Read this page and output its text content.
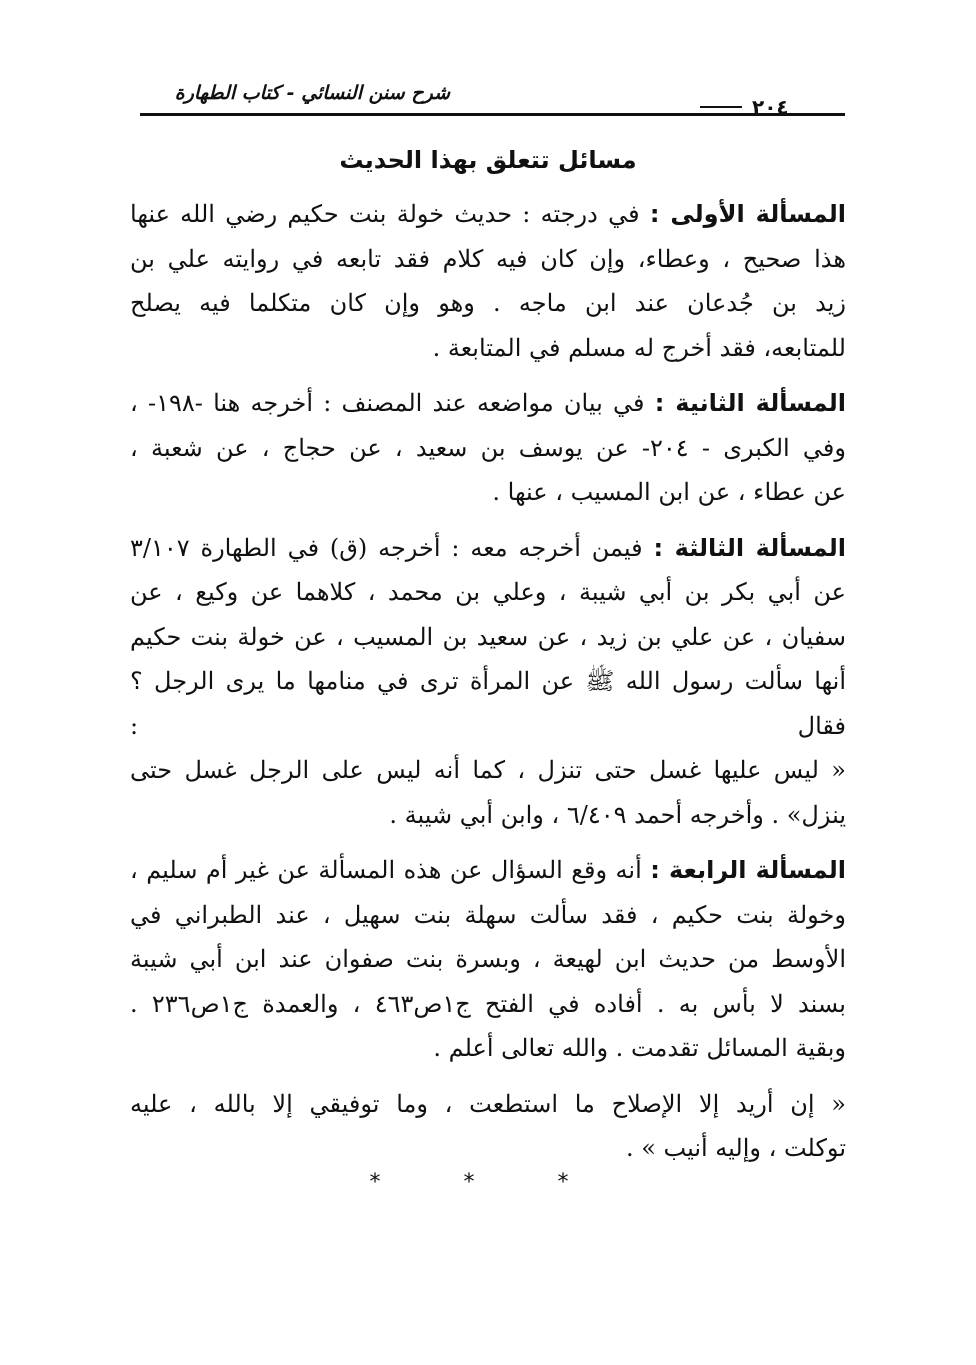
شرح سنن النسائي - كتاب الطهارة
٢٠٤
مسائل تتعلق بهذا الحديث
المسألة الأولى : في درجته : حديث خولة بنت حكيم رضي الله عنها
هذا صحيح ، وعطاء، وإن كان فيه كلام فقد تابعه في روايته علي بن
زيد بن جُدعان عند ابن ماجه . وهو وإن كان متكلما فيه يصلح
للمتابعه، فقد أخرج له مسلم في المتابعة .
المسألة الثانية : في بيان مواضعه عند المصنف : أخرجه هنا -١٩٨- ،
وفي الكبرى - ٢٠٤- عن يوسف بن سعيد ، عن حجاج ، عن شعبة ،
عن عطاء ، عن ابن المسيب ، عنها .
المسألة الثالثة : فيمن أخرجه معه : أخرجه (ق) في الطهارة ٣/١٠٧
عن أبي بكر بن أبي شيبة ، وعلي بن محمد ، كلاهما عن وكيع ، عن
سفيان ، عن علي بن زيد ، عن سعيد بن المسيب ، عن خولة بنت حكيم
أنها سألت رسول الله ﷺ عن المرأة ترى في منامها ما يرى الرجل ؟ فقال :
« ليس عليها غسل حتى تنزل ، كما أنه ليس على الرجل غسل حتى
ينزل» . وأخرجه أحمد ٦/٤٠٩ ، وابن أبي شيبة .
المسألة الرابعة : أنه وقع السؤال عن هذه المسألة عن غير أم سليم ،
وخولة بنت حكيم ، فقد سألت سهلة بنت سهيل ، عند الطبراني في
الأوسط من حديث ابن لهيعة ، وبسرة بنت صفوان عند ابن أبي شيبة
بسند لا بأس به . أفاده في الفتح ج١ص٤٦٣ ، والعمدة ج١ص٢٣٦ .
وبقية المسائل تقدمت . والله تعالى أعلم .
« إن أريد إلا الإصلاح ما استطعت ، وما توفيقي إلا بالله ، عليه
توكلت ، وإليه أنيب » .
* * *
